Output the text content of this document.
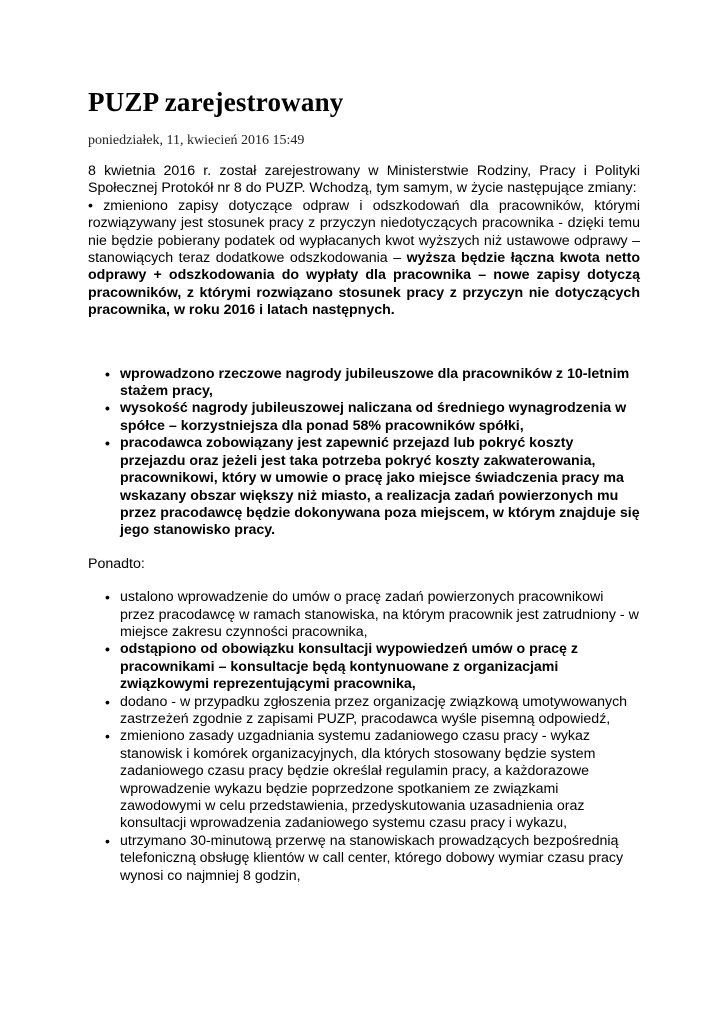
PUZP zarejestrowany
poniedziałek, 11, kwiecień 2016 15:49

8 kwietnia 2016 r. został zarejestrowany w Ministerstwie Rodziny, Pracy i Polityki Społecznej Protokół nr 8 do PUZP. Wchodzą, tym samym, w życie następujące zmiany:

• zmieniono zapisy dotyczące odpraw i odszkodowań dla pracowników, którymi rozwiązywany jest stosunek pracy z przyczyn niedotyczących pracownika - dzięki temu nie będzie pobierany podatek od wypłacanych kwot wyższych niż ustawowe odprawy – stanowiących teraz dodatkowe odszkodowania – wyższa będzie łączna kwota netto odprawy + odszkodowania do wypłaty dla pracownika – nowe zapisy dotyczą pracowników, z którymi rozwiązano stosunek pracy z przyczyn nie dotyczących pracownika, w roku 2016 i latach następnych.

• wprowadzono rzeczowe nagrody jubileuszowe dla pracowników z 10-letnim stażem pracy,
• wysokość nagrody jubileuszowej naliczana od średniego wynagrodzenia w spółce – korzystniejsza dla ponad 58% pracowników spółki,
• pracodawca zobowiązany jest zapewnić przejazd lub pokryć koszty przejazdu oraz jeżeli jest taka potrzeba pokryć koszty zakwaterowania, pracownikowi, który w umowie o pracę jako miejsce świadczenia pracy ma wskazany obszar większy niż miasto, a realizacja zadań powierzonych mu przez pracodawcę będzie dokonywana poza miejscem, w którym znajduje się jego stanowisko pracy.
Ponadto:
• ustalono wprowadzenie do umów o pracę zadań powierzonych pracownikowi przez pracodawcę w ramach stanowiska, na którym pracownik jest zatrudniony - w miejsce zakresu czynności pracownika,
• odstąpiono od obowiązku konsultacji wypowiedzeń umów o pracę z pracownikami – konsultacje będą kontynuowane z organizacjami związkowymi reprezentującymi pracownika,
• dodano - w przypadku zgłoszenia przez organizację związkową umotywowanych zastrzeżeń zgodnie z zapisami PUZP, pracodawca wyśle pisemną odpowiedź,
• zmieniono zasady uzgadniania systemu zadaniowego czasu pracy - wykaz stanowisk i komórek organizacyjnych, dla których stosowany będzie system zadaniowego czasu pracy będzie określał regulamin pracy, a każdorazowe wprowadzenie wykazu będzie poprzedzone spotkaniem ze związkami zawodowymi w celu przedstawienia, przedyskutowania uzasadnienia oraz konsultacji wprowadzenia zadaniowego systemu czasu pracy i wykazu,
• utrzymano 30-minutową przerwę na stanowiskach prowadzących bezpośrednią telefoniczną obsługę klientów w call center, którego dobowy wymiar czasu pracy wynosi co najmniej 8 godzin,
